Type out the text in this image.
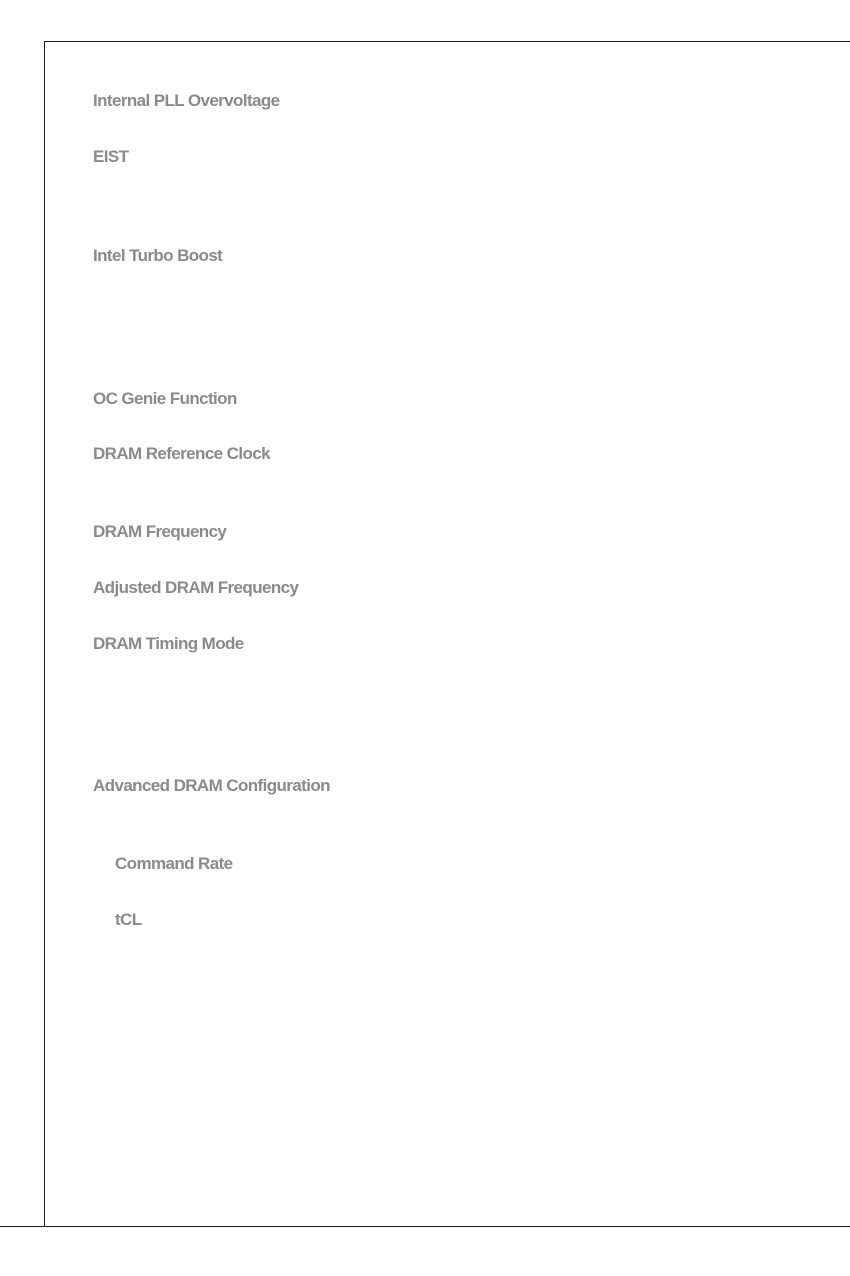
Internal PLL Overvoltage
EIST
Intel Turbo Boost
OC Genie Function
DRAM Reference Clock
DRAM Frequency
Adjusted DRAM Frequency
DRAM Timing Mode
Advanced DRAM Configuration
Command Rate
tCL
